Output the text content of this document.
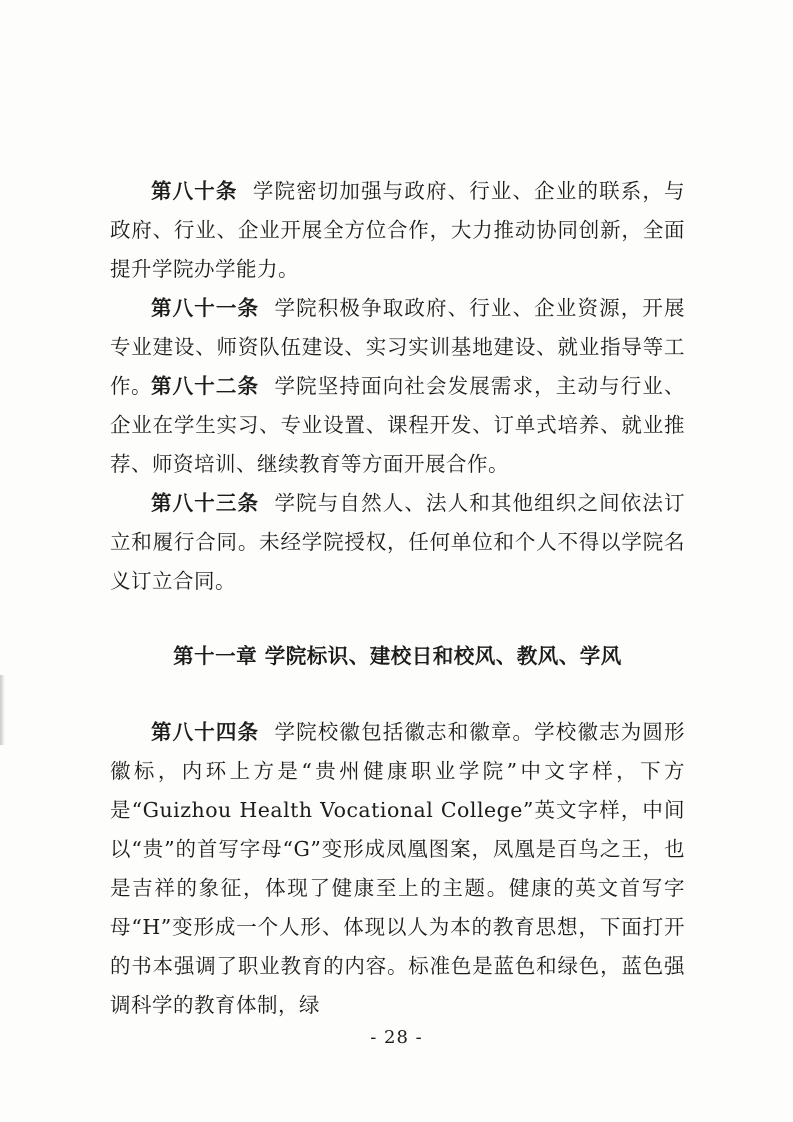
第八十条 学院密切加强与政府、行业、企业的联系，与政府、行业、企业开展全方位合作，大力推动协同创新，全面提升学院办学能力。

第八十一条 学院积极争取政府、行业、企业资源，开展专业建设、师资队伍建设、实习实训基地建设、就业指导等工作。 第八十二条 学院坚持面向社会发展需求，主动与行业、企业在学生实习、专业设置、课程开发、订单式培养、就业推荐、师资培训、继续教育等方面开展合作。

第八十三条 学院与自然人、法人和其他组织之间依法订立和履行合同。未经学院授权，任何单位和个人不得以学院名义订立合同。

第十一章 学院标识、建校日和校风、教风、学风

第八十四条 学院校徽包括徽志和徽章。学校徽志为圆形徽标，内环上方是“贵州健康职业学院”中文字样，下方是“Guizhou Health Vocational College”英文字样，中间以“贵”的首写字母“G”变形成凤凰图案，凤凰是百鸟之王，也是吉祥的象征，体现了健康至上的主题。健康的英文首写字母“H”变形成一个人形、体现以人为本的教育思想，下面打开的书本强调了职业教育的内容。标准色是蓝色和绿色，蓝色强调科学的教育体制，绿

- 28 -
